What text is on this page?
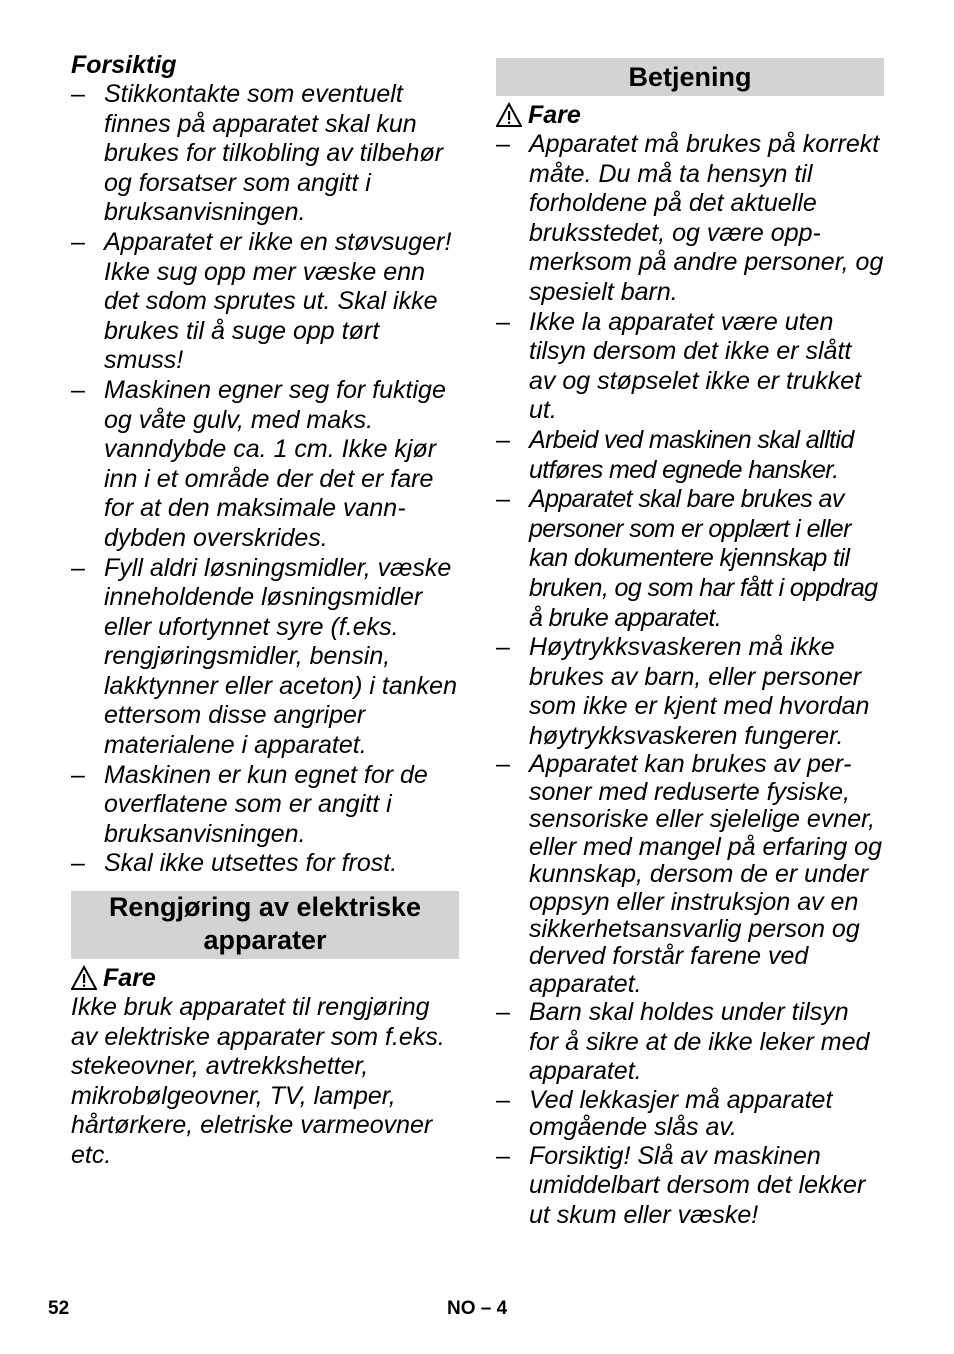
Forsiktig

– Stikkontakte som eventuelt finnes på apparatet skal kun brukes for tilkobling av tilbehør og forsatser som angitt i bruksanvisningen.
– Apparatet er ikke en støvsuger! Ikke sug opp mer væske enn det sdom sprutes ut. Skal ikke brukes til å suge opp tørt smuss!
– Maskinen egner seg for fuktige og våte gulv, med maks. vanndybde ca. 1 cm. Ikke kjør inn i et område der det er fare for at den maksimale vanndybden overskrides.
– Fyll aldri løsningsmidler, væske inneholdende løsningsmidler eller ufortynnet syre (f.eks. rengjøringsmidler, bensin, lakktynner eller aceton) i tanken ettersom disse angriper materialene i apparatet.
– Maskinen er kun egnet for de overflatene som er angitt i bruksanvisningen.
– Skal ikke utsettes for frost.
Rengjøring av elektriske apparater

Fare

Ikke bruk apparatet til rengjøring av elektriske apparater som f.eks. stekeovner, avtrekkshetter, mikrobølgeovner, TV, lamper, hårtørkere, eletriske varmeovner etc.

Betjening

Fare

– Apparatet må brukes på korrekt måte. Du må ta hensyn til forholdene på det aktuelle bruksstedet, og være oppmerksom på andre personer, og spesielt barn.
– Ikke la apparatet være uten tilsyn dersom det ikke er slått av og støpselet ikke er trukket ut.
– Arbeid ved maskinen skal alltid utføres med egnede hansker.
– Apparatet skal bare brukes av personer som er opplært i eller kan dokumentere kjennskap til bruken, og som har fått i oppdrag å bruke apparatet.
– Høytrykksvaskeren må ikke brukes av barn, eller personer som ikke er kjent med hvordan høytrykksvaskeren fungerer.
– Apparatet kan brukes av personer med reduserte fysiske, sensoriske eller sjelelige evner, eller med mangel på erfaring og kunnskap, dersom de er under oppsyn eller instruksjon av en sikkerhetsansvarlig person og derved forstår farene ved apparatet.
– Barn skal holdes under tilsyn for å sikre at de ikke leker med apparatet.
– Ved lekkasjer må apparatet omgående slås av.
– Forsiktig! Slå av maskinen umiddelbart dersom det lekker ut skum eller væske!
52	NO – 4
